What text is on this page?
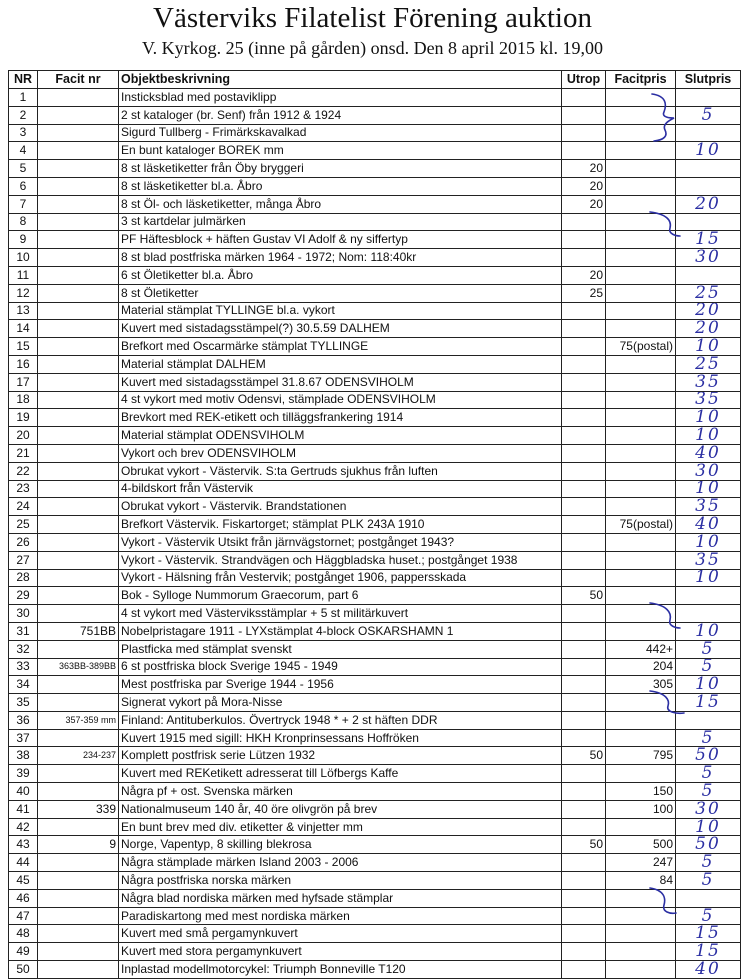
Västerviks Filatelist Förening auktion
V. Kyrkog. 25 (inne på gården) onsd. Den 8 april 2015 kl. 19,00
NR	Facit nr	Objektbeskrivning	Utrop	Facitpris	Slutpris
1		Insticksblad med postaviklipp			
2		2 st kataloger (br. Senf) från 1912 & 1924			5
3		Sigurd Tullberg - Frimärkskavalkad			
4		En bunt kataloger BOREK mm			10
5		8 st läsketiketter från Öby bryggeri	20		
6		8 st läsketiketter bl.a. Åbro	20		
7		8 st Öl- och läsketiketter, många Åbro	20		20
8		3 st kartdelar julmärken			
9		PF Häftesblock + häften Gustav VI Adolf & ny siffertyp			15
10		8 st blad postfriska märken 1964 - 1972; Nom: 118:40kr			30
11		6 st Öletiketter bl.a. Åbro	20		
12		8 st Öletiketter	25		25
13		Material stämplat TYLLINGE bl.a. vykort			20
14		Kuvert med sistadagsstämpel(?) 30.5.59 DALHEM			20
15		Brefkort med Oscarmärke stämplat TYLLINGE		75(postal)	10
16		Material stämplat DALHEM			25
17		Kuvert med sistadagsstämpel 31.8.67 ODENSVIHOLM			35
18		4 st vykort med motiv Odensvi, stämplade ODENSVIHOLM			35
19		Brevkort med REK-etikett och tilläggsfrankering 1914			10
20		Material stämplat ODENSVIHOLM			10
21		Vykort och brev ODENSVIHOLM			40
22		Obrukat vykort - Västervik. S:ta Gertruds sjukhus från luften			30
23		4-bildskort från Västervik			10
24		Obrukat vykort - Västervik. Brandstationen			35
25		Brefkort Västervik. Fiskartorget; stämplat PLK 243A 1910		75(postal)	40
26		Vykort - Västervik Utsikt från järnvägstornet; postgånget 1943?			10
27		Vykort - Västervik. Strandvägen och Häggbladska huset.; postgånget 1938			35
28		Vykort - Hälsning från Vestervik; postgånget 1906, pappersskada			10
29		Bok - Sylloge Nummorum Graecorum, part 6	50		
30		4 st vykort med Västerviksstämplar + 5 st militärkuvert			
31	751BB	Nobelpristagare 1911 - LYXstämplat 4-block OSKARSHAMN 1			10
32		Plastficka med stämplat svenskt		442+	5
33	363BB-389BB	6 st postfriska block Sverige 1945 - 1949		204	5
34		Mest postfriska par Sverige 1944 - 1956		305	10
35		Signerat vykort på Mora-Nisse			15
36	357-359 mm	Finland: Antituberkulos. Övertryck 1948 * + 2 st häften DDR			
37		Kuvert 1915 med sigill: HKH Kronprinsessans Hoffröken			5
38	234-237	Komplett postfrisk serie Lützen 1932	50	795	50
39		Kuvert med REKetikett adresserat till Löfbergs Kaffe			5
40		Några pf + ost. Svenska märken		150	5
41	339	Nationalmuseum 140 år, 40 öre olivgrön på brev		100	30
42		En bunt brev med div. etiketter & vinjetter mm			10
43	9	Norge, Vapentyp, 8 skilling blekrosa	50	500	50
44		Några stämplade märken Island 2003 - 2006		247	5
45		Några postfriska norska märken		84	5
46		Några blad nordiska märken med hyfsade stämplar			
47		Paradiskartong med mest nordiska märken			5
48		Kuvert med små pergamynkuvert			15
49		Kuvert med stora pergamynkuvert			15
50		Inplastad modellmotorcykel: Triumph Bonneville T120			40
